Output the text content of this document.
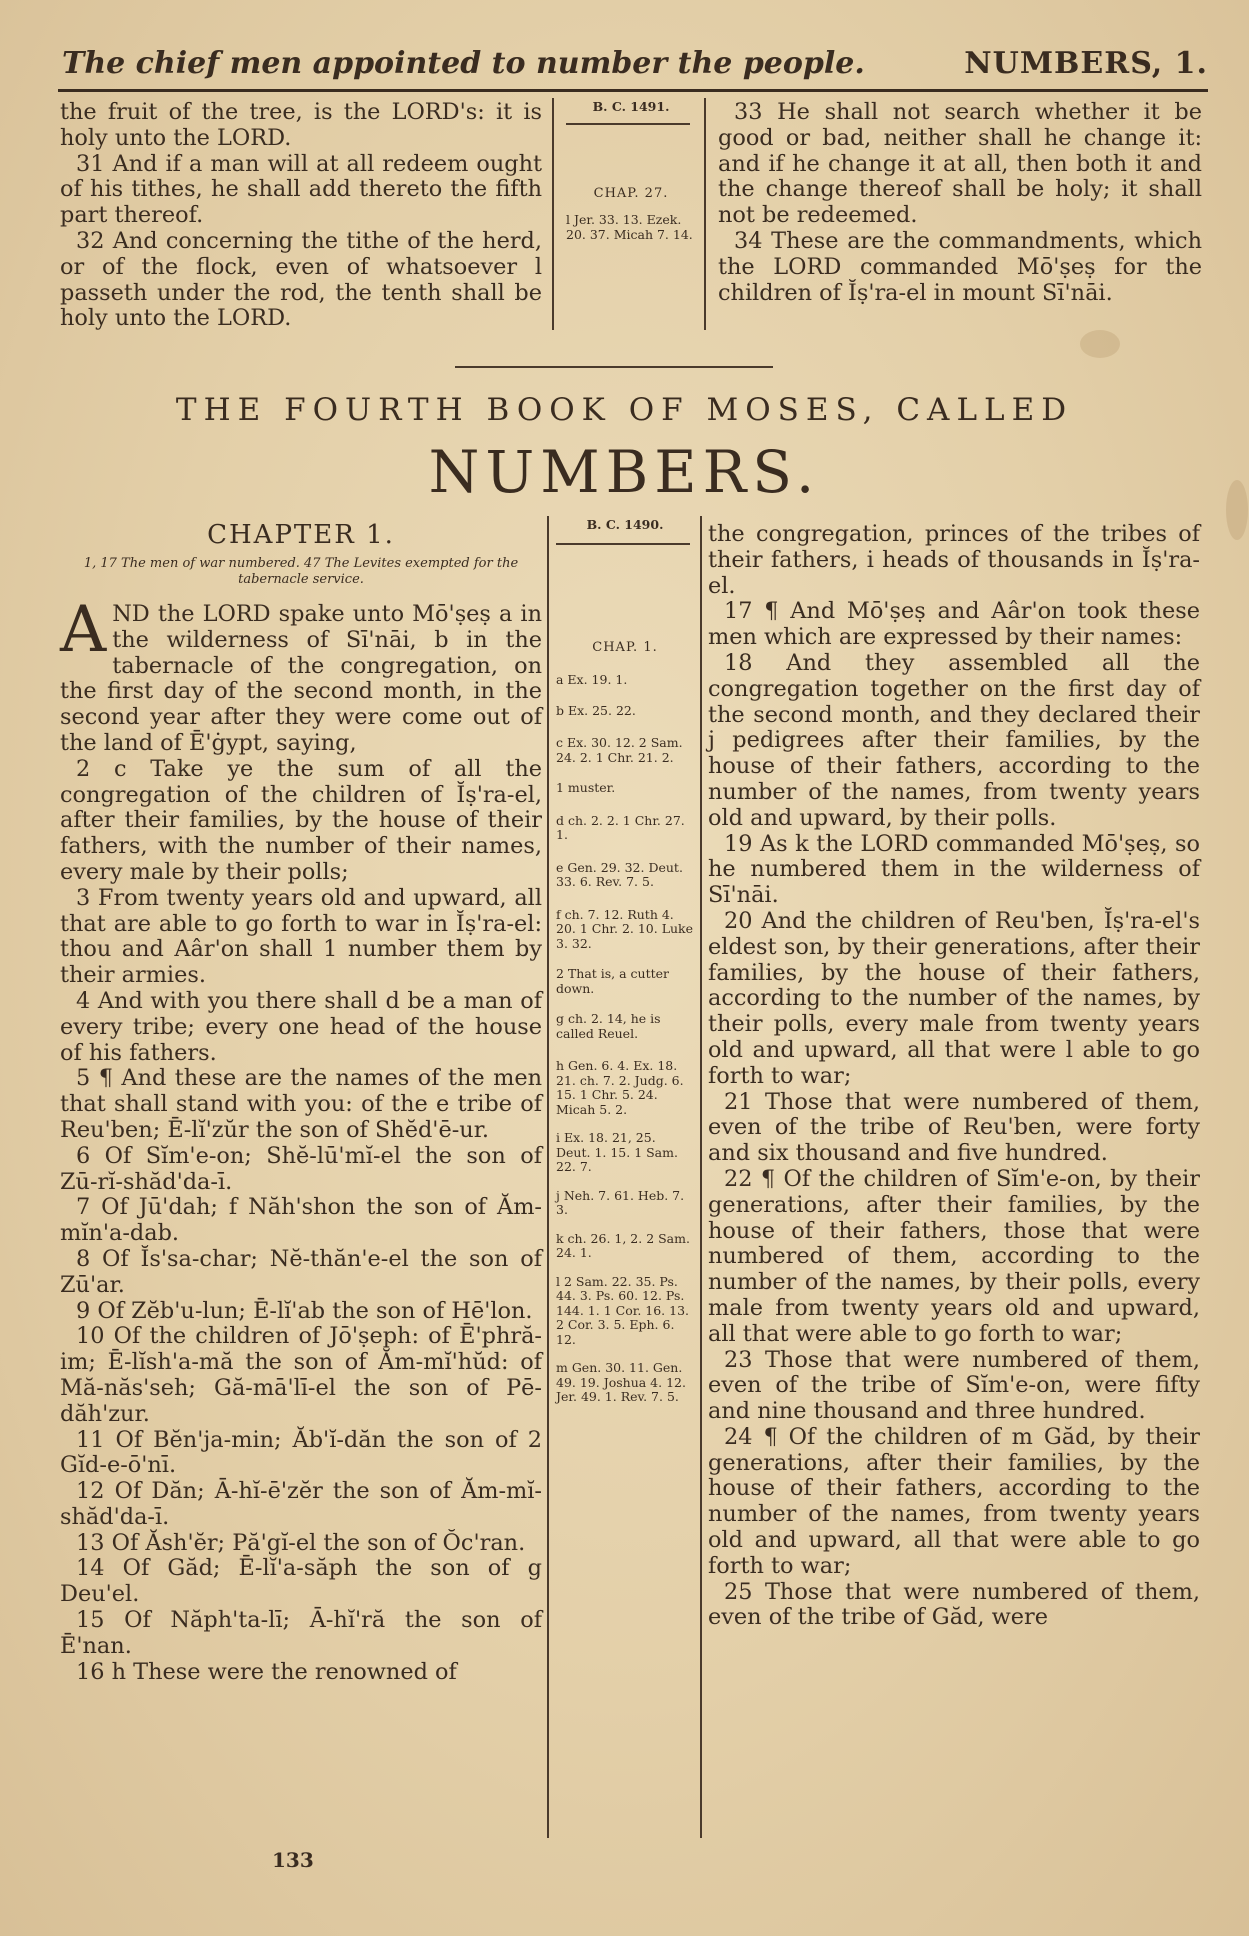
The chief men appointed to number the people.	NUMBERS, 1.

the fruit of the tree, is the LORD's: it is holy unto the LORD.

31 And if a man will at all redeem ought of his tithes, he shall add thereto the fifth part thereof.

32 And concerning the tithe of the herd, or of the flock, even of whatsoever l passeth under the rod, the tenth shall be holy unto the LORD.

B. C. 1491.
CHAP. 27.
l Jer. 33. 13. Ezek. 20. 37. Micah 7. 14.

33 He shall not search whether it be good or bad, neither shall he change it: and if he change it at all, then both it and the change thereof shall be holy; it shall not be redeemed.

34 These are the commandments, which the LORD commanded Mō'ṣeṣ for the children of Ĭṣ'ra-el in mount Sī'nāi.

THE FOURTH BOOK OF MOSES, CALLED
NUMBERS.
CHAPTER 1.
1, 17 The men of war numbered. 47 The Levites exempted for the tabernacle service.

AND the LORD spake unto Mō'ṣeṣ a in the wilderness of Sī'nāi, b in the tabernacle of the congregation, on the first day of the second month, in the second year after they were come out of the land of Ē'ġypt, saying,

2 c Take ye the sum of all the congregation of the children of Ĭṣ'ra-el, after their families, by the house of their fathers, with the number of their names, every male by their polls;

3 From twenty years old and upward, all that are able to go forth to war in Ĭṣ'ra-el: thou and Aâr'on shall 1 number them by their armies.

4 And with you there shall d be a man of every tribe; every one head of the house of his fathers.

5 ¶ And these are the names of the men that shall stand with you: of the e tribe of Reu'ben; Ē-lĭ'zŭr the son of Shĕd'ē-ur.

6 Of Sĭm'e-on; Shĕ-lū'mĭ-el the son of Zū-rĭ-shăd'da-ī.

7 Of Jū'dah; f Năh'shon the son of Ăm-mĭn'a-dab.

8 Of Ĭs'sa-char; Nĕ-thăn'e-el the son of Zū'ar.

9 Of Zĕb'u-lun; Ē-lĭ'ab the son of Hē'lon.

10 Of the children of Jō'ṣeph: of Ē'phră-im; Ē-lĭsh'a-mă the son of Ăm-mĭ'hŭd: of Mă-năs'seh; Gă-mā'lī-el the son of Pē-dăh'zur.

11 Of Bĕn'ja-min; Ăb'ĭ-dăn the son of 2 Gĭd-e-ō'nī.

12 Of Dăn; Ā-hĭ-ē'zĕr the son of Ăm-mĭ-shăd'da-ī.

13 Of Ăsh'ĕr; Pă'gĭ-el the son of Ŏc'ran.

14 Of Găd; Ē-lĭ'a-săph the son of g Deu'el.

15 Of Năph'ta-lī; Ā-hĭ'ră the son of Ē'nan.

16 h These were the renowned of

B. C. 1490.
CHAP. 1.
a Ex. 19. 1.
b Ex. 25. 22.
c Ex. 30. 12. 2 Sam. 24. 2. 1 Chr. 21. 2.
1 muster.
d ch. 2. 2. 1 Chr. 27. 1.
e Gen. 29. 32. Deut. 33. 6. Rev. 7. 5.
f ch. 7. 12. Ruth 4. 20. 1 Chr. 2. 10. Luke 3. 32.
2 That is, a cutter down.
g ch. 2. 14, he is called Reuel.
h Gen. 6. 4. Ex. 18. 21. ch. 7. 2. Judg. 6. 15. 1 Chr. 5. 24. Micah 5. 2.
i Ex. 18. 21, 25. Deut. 1. 15. 1 Sam. 22. 7.
j Neh. 7. 61. Heb. 7. 3.
k ch. 26. 1, 2. 2 Sam. 24. 1.
l 2 Sam. 22. 35. Ps. 44. 3. Ps. 60. 12. Ps. 144. 1. 1 Cor. 16. 13. 2 Cor. 3. 5. Eph. 6. 12.
m Gen. 30. 11. Gen. 49. 19. Joshua 4. 12. Jer. 49. 1. Rev. 7. 5.

the congregation, princes of the tribes of their fathers, i heads of thousands in Ĭṣ'ra-el.

17 ¶ And Mō'ṣeṣ and Aâr'on took these men which are expressed by their names:

18 And they assembled all the congregation together on the first day of the second month, and they declared their j pedigrees after their families, by the house of their fathers, according to the number of the names, from twenty years old and upward, by their polls.

19 As k the LORD commanded Mō'ṣeṣ, so he numbered them in the wilderness of Sī'nāi.

20 And the children of Reu'ben, Ĭṣ'ra-el's eldest son, by their generations, after their families, by the house of their fathers, according to the number of the names, by their polls, every male from twenty years old and upward, all that were l able to go forth to war;

21 Those that were numbered of them, even of the tribe of Reu'ben, were forty and six thousand and five hundred.

22 ¶ Of the children of Sĭm'e-on, by their generations, after their families, by the house of their fathers, those that were numbered of them, according to the number of the names, by their polls, every male from twenty years old and upward, all that were able to go forth to war;

23 Those that were numbered of them, even of the tribe of Sĭm'e-on, were fifty and nine thousand and three hundred.

24 ¶ Of the children of m Găd, by their generations, after their families, by the house of their fathers, according to the number of the names, from twenty years old and upward, all that were able to go forth to war;

25 Those that were numbered of them, even of the tribe of Găd, were

133
